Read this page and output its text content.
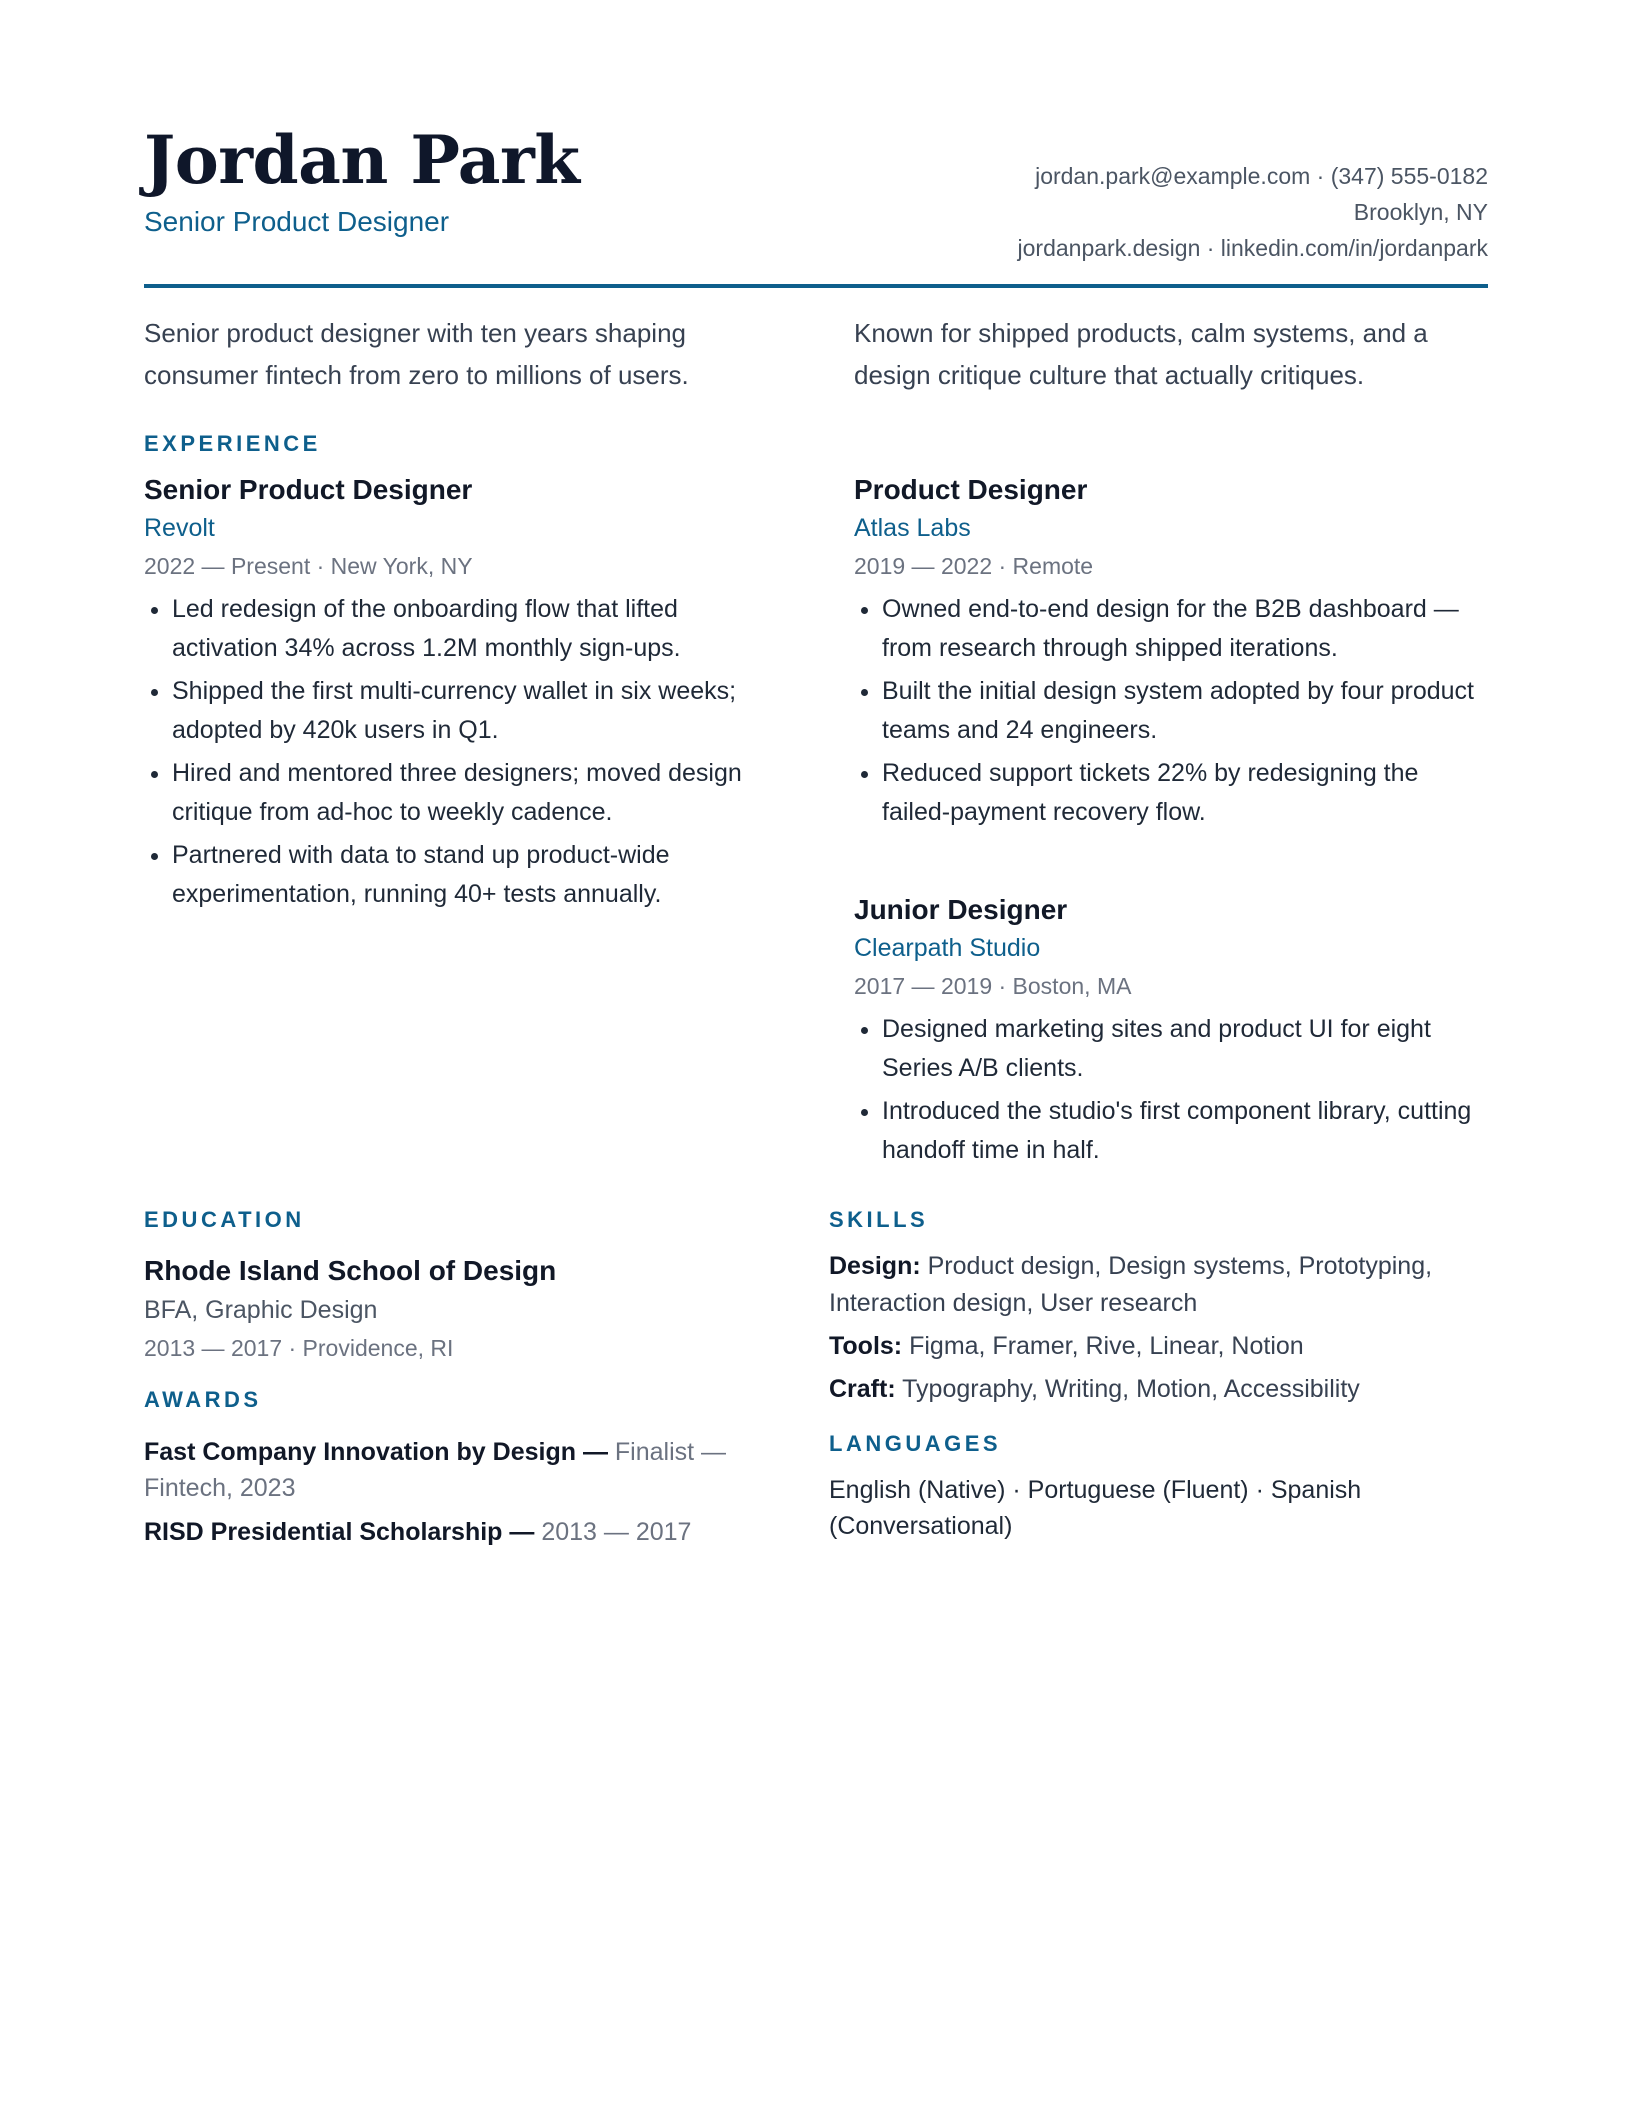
Jordan Park
Senior Product Designer
jordan.park@example.com · (347) 555-0182
Brooklyn, NY
jordanpark.design · linkedin.com/in/jordanpark
Senior product designer with ten years shaping consumer fintech from zero to millions of users.
Known for shipped products, calm systems, and a design critique culture that actually critiques.
EXPERIENCE
Senior Product Designer
Revolt
2022 — Present · New York, NY
• Led redesign of the onboarding flow that lifted activation 34% across 1.2M monthly sign-ups.
• Shipped the first multi-currency wallet in six weeks; adopted by 420k users in Q1.
• Hired and mentored three designers; moved design critique from ad-hoc to weekly cadence.
• Partnered with data to stand up product-wide experimentation, running 40+ tests annually.
Product Designer
Atlas Labs
2019 — 2022 · Remote
• Owned end-to-end design for the B2B dashboard — from research through shipped iterations.
• Built the initial design system adopted by four product teams and 24 engineers.
• Reduced support tickets 22% by redesigning the failed-payment recovery flow.
Junior Designer
Clearpath Studio
2017 — 2019 · Boston, MA
• Designed marketing sites and product UI for eight Series A/B clients.
• Introduced the studio's first component library, cutting handoff time in half.
EDUCATION
Rhode Island School of Design
BFA, Graphic Design
2013 — 2017 · Providence, RI
AWARDS
Fast Company Innovation by Design — Finalist — Fintech, 2023
RISD Presidential Scholarship — 2013 — 2017
SKILLS
Design: Product design, Design systems, Prototyping, Interaction design, User research
Tools: Figma, Framer, Rive, Linear, Notion
Craft: Typography, Writing, Motion, Accessibility
LANGUAGES
English (Native) · Portuguese (Fluent) · Spanish (Conversational)
